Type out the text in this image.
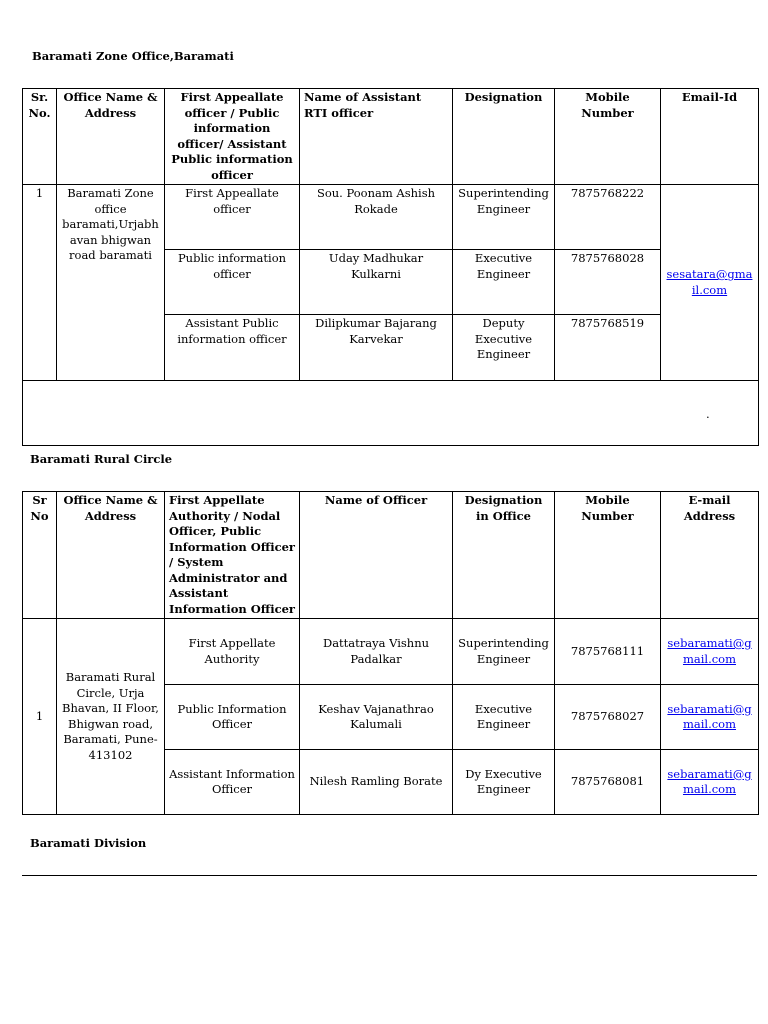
Baramati Zone Office,Baramati
Sr. No.	Office Name & Address	First Appeallate officer / Public information officer/ Assistant Public information officer	Name of Assistant RTI officer	Designation	Mobile Number	Email-Id
1	Baramati Zone office baramati,Urjabh avan bhigwan road baramati	First Appeallate officer	Sou. Poonam Ashish Rokade	Superintending Engineer	7875768222	sesatara@gmail.com
		Public information officer	Uday Madhukar Kulkarni	Executive Engineer	7875768028	
		Assistant Public information officer	Dilipkumar Bajarang Karvekar	Deputy Executive Engineer	7875768519	

.						
Baramati Rural Circle
Sr No	Office Name & Address	First Appellate Authority / Nodal Officer, Public Information Officer / System Administrator and Assistant Information Officer	Name of Officer	Designation in Office	Mobile Number	E-mail Address
1	Baramati Rural Circle, Urja Bhavan, II Floor, Bhigwan road, Baramati, Pune-413102	First Appellate Authority	Dattatraya Vishnu Padalkar	Superintending Engineer	7875768111	sebaramati@gmail.com
		Public Information Officer	Keshav Vajanathrao Kalumali	Executive Engineer	7875768027	sebaramati@gmail.com
		Assistant Information Officer	Nilesh Ramling Borate	Dy Executive Engineer	7875768081	sebaramati@gmail.com
Baramati Division
